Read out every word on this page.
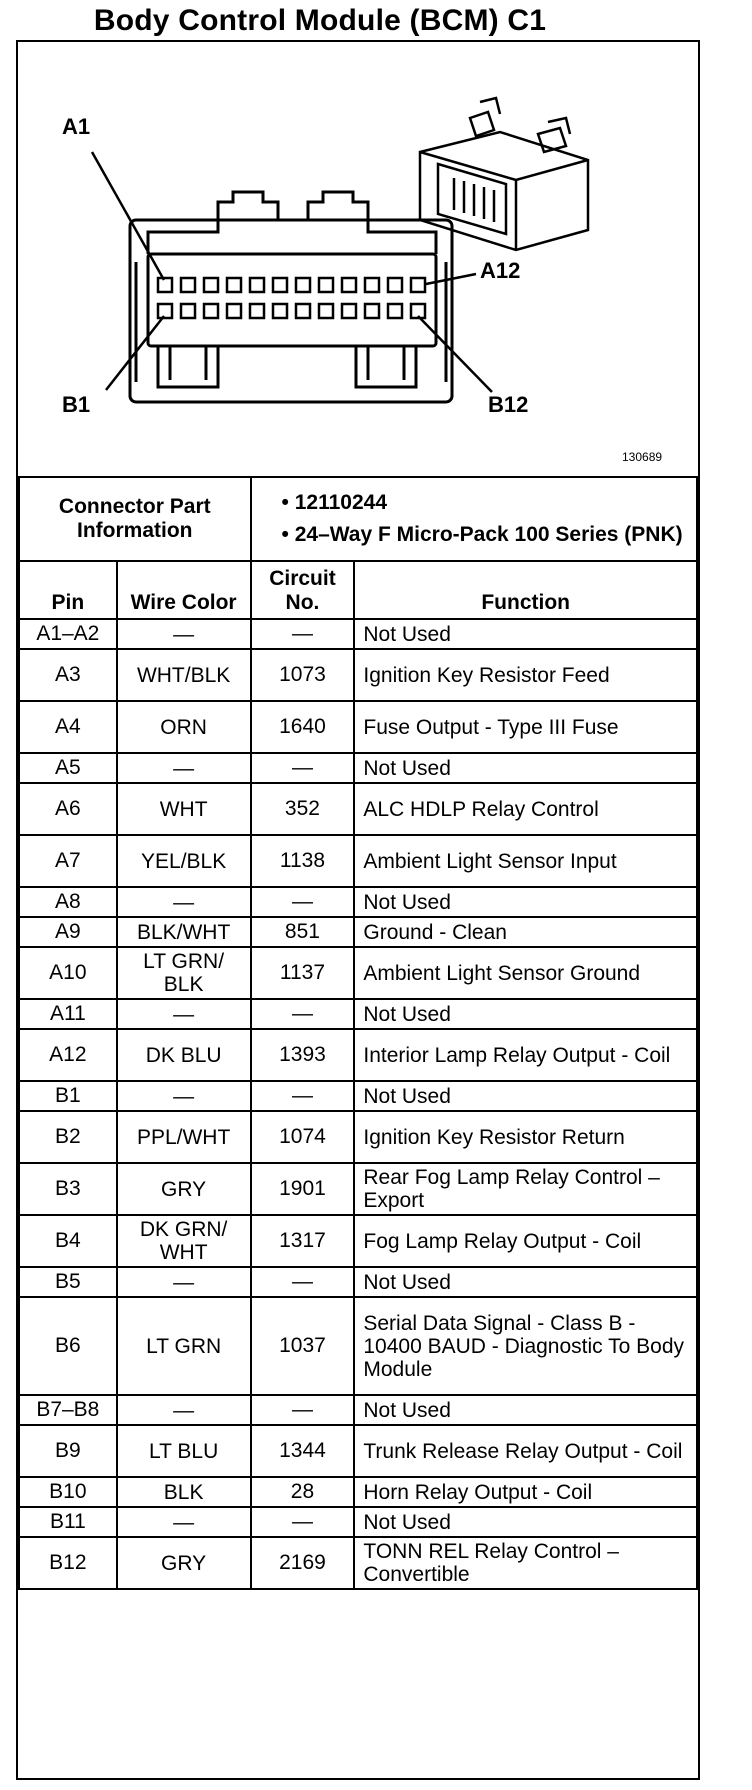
Body Control Module (BCM) C1
A1
A12
B1	B12
130689
Connector Part Information		• 12110244
• 24–Way F Micro-Pack 100 Series (PNK)	

Pin	Wire Color	Circuit No.	Function
A1–A2	—	—	Not Used
A3	WHT/BLK	1073	Ignition Key Resistor Feed
A4	ORN	1640	Fuse Output - Type III Fuse
A5	—	—	Not Used
A6	WHT	352	ALC HDLP Relay Control
A7	YEL/BLK	1138	Ambient Light Sensor Input
A8	—	—	Not Used
A9	BLK/WHT	851	Ground - Clean
A10	LT GRN/ BLK	1137	Ambient Light Sensor Ground
A11	—	—	Not Used
A12	DK BLU	1393	Interior Lamp Relay Output - Coil
B1	—	—	Not Used
B2	PPL/WHT	1074	Ignition Key Resistor Return
B3	GRY	1901	Rear Fog Lamp Relay Control – Export
B4	DK GRN/ WHT	1317	Fog Lamp Relay Output - Coil
B5	—	—	Not Used
B6	LT GRN	1037	Serial Data Signal - Class B - 10400 BAUD - Diagnostic To Body Module
B7–B8	—	—	Not Used
B9	LT BLU	1344	Trunk Release Relay Output - Coil
B10	BLK	28	Horn Relay Output - Coil
B11	—	—	Not Used
B12	GRY	2169	TONN REL Relay Control – Convertible
